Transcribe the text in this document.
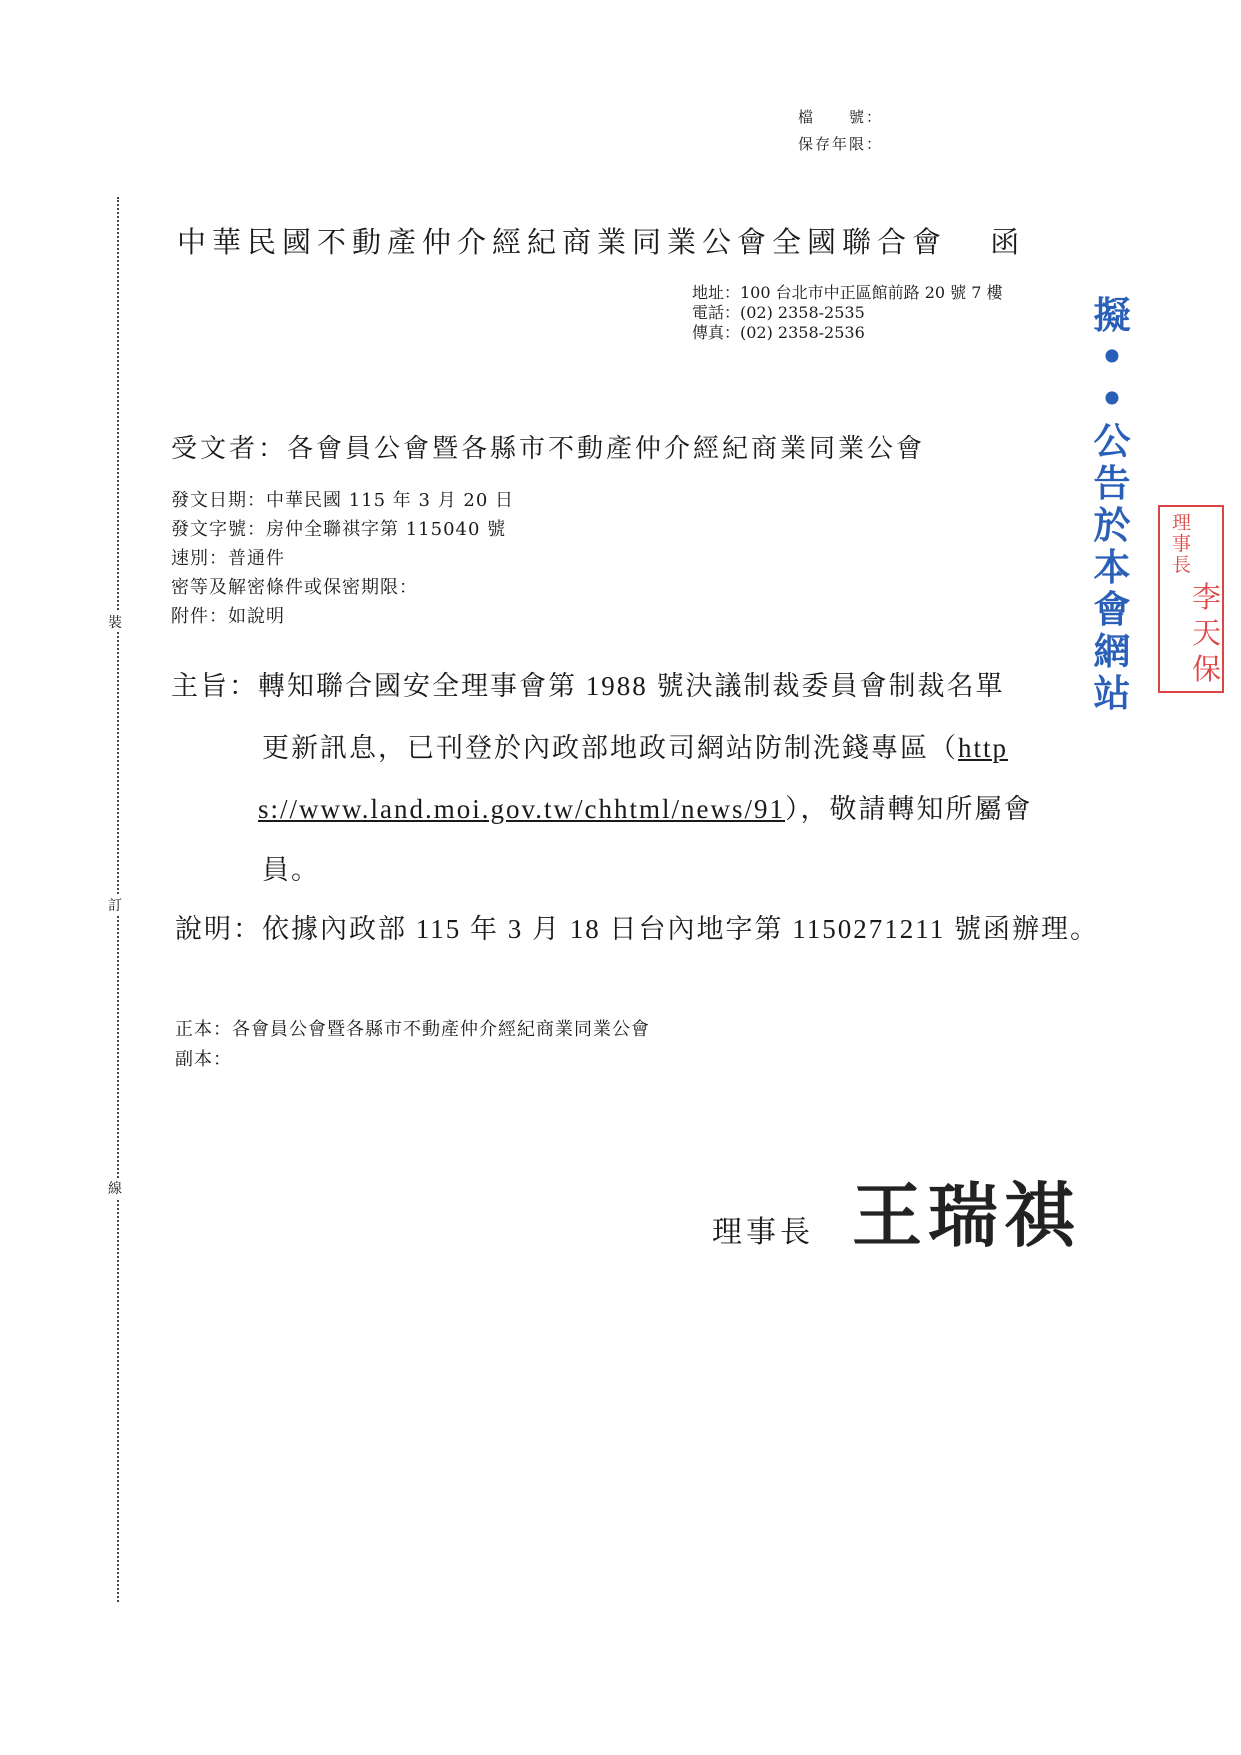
裝
訂
線
檔　　號：
保存年限：
中華民國不動產仲介經紀商業同業公會全國聯合會 函
地址：100 台北市中正區館前路 20 號 7 樓
電話：(02) 2358-2535
傳真：(02) 2358-2536
受文者：各會員公會暨各縣市不動產仲介經紀商業同業公會
發文日期：中華民國 115 年 3 月 20 日
發文字號：房仲全聯祺字第 115040 號
速別：普通件
密等及解密條件或保密期限：
附件：如說明
主旨：轉知聯合國安全理事會第 1988 號決議制裁委員會制裁名單
更新訊息，已刊登於內政部地政司網站防制洗錢專區（http
s://www.land.moi.gov.tw/chhtml/news/91），敬請轉知所屬會
員。
說明：依據內政部 115 年 3 月 18 日台內地字第 1150271211 號函辦理。
正本：各會員公會暨各縣市不動產仲介經紀商業同業公會
副本：
理事長 王瑞祺
擬
•
•
公
告
於
本
會
網
站
理事長
李天保
